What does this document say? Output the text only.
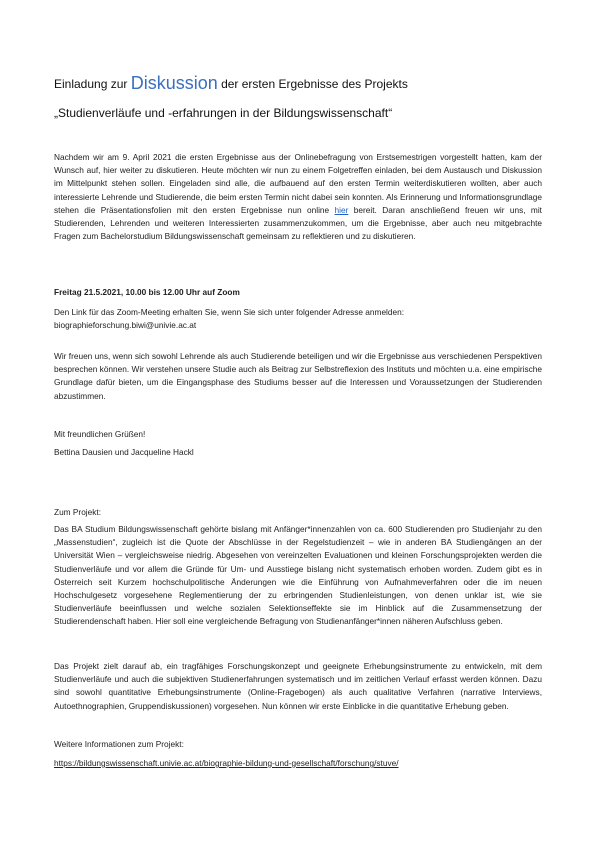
Einladung zur Diskussion der ersten Ergebnisse des Projekts
„Studienverläufe und -erfahrungen in der Bildungswissenschaft“

Nachdem wir am 9. April 2021 die ersten Ergebnisse aus der Onlinebefragung von Erstsemestrigen vorgestellt hatten, kam der Wunsch auf, hier weiter zu diskutieren. Heute möchten wir nun zu einem Folgetreffen einladen, bei dem Austausch und Diskussion im Mittelpunkt stehen sollen. Eingeladen sind alle, die aufbauend auf den ersten Termin weiterdiskutieren wollten, aber auch interessierte Lehrende und Studierende, die beim ersten Termin nicht dabei sein konnten. Als Erinnerung und Informationsgrundlage stehen die Präsentationsfolien mit den ersten Ergebnisse nun online hier bereit. Daran anschließend freuen wir uns, mit Studierenden, Lehrenden und weiteren Interessierten zusammenzukommen, um die Ergebnisse, aber auch neu mitgebrachte Fragen zum Bachelorstudium Bildungswissenschaft gemeinsam zu reflektieren und zu diskutieren.

Freitag 21.5.2021, 10.00 bis 12.00 Uhr auf Zoom
Den Link für das Zoom-Meeting erhalten Sie, wenn Sie sich unter folgender Adresse anmelden:
biographieforschung.biwi@univie.ac.at

Wir freuen uns, wenn sich sowohl Lehrende als auch Studierende beteiligen und wir die Ergebnisse aus verschiedenen Perspektiven besprechen können. Wir verstehen unsere Studie auch als Beitrag zur Selbstreflexion des Instituts und möchten u.a. eine empirische Grundlage dafür bieten, um die Eingangsphase des Studiums besser auf die Interessen und Voraussetzungen der Studierenden abzustimmen.

Mit freundlichen Grüßen!
Bettina Dausien und Jacqueline Hackl
Zum Projekt:

Das BA Studium Bildungswissenschaft gehörte bislang mit Anfänger*innenzahlen von ca. 600 Studierenden pro Studienjahr zu den „Massenstudien“, zugleich ist die Quote der Abschlüsse in der Regelstudienzeit – wie in anderen BA Studiengängen an der Universität Wien – vergleichsweise niedrig. Abgesehen von vereinzelten Evaluationen und kleinen Forschungsprojekten werden die Studienverläufe und vor allem die Gründe für Um- und Ausstiege bislang nicht systematisch erhoben worden. Zudem gibt es in Österreich seit Kurzem hochschulpolitische Änderungen wie die Einführung von Aufnahmeverfahren oder die im neuen Hochschulgesetz vorgesehene Reglementierung der zu erbringenden Studienleistungen, von denen unklar ist, wie sie Studienverläufe beeinflussen und welche sozialen Selektionseffekte sie im Hinblick auf die Zusammensetzung der Studierendenschaft haben. Hier soll eine vergleichende Befragung von Studienanfänger*innen näheren Aufschluss geben.

Das Projekt zielt darauf ab, ein tragfähiges Forschungskonzept und geeignete Erhebungsinstrumente zu entwickeln, mit dem Studienverläufe und auch die subjektiven Studienerfahrungen systematisch und im zeitlichen Verlauf erfasst werden können. Dazu sind sowohl quantitative Erhebungsinstrumente (Online-Fragebogen) als auch qualitative Verfahren (narrative Interviews, Autoethnographien, Gruppendiskussionen) vorgesehen. Nun können wir erste Einblicke in die quantitative Erhebung geben.

Weitere Informationen zum Projekt:
https://bildungswissenschaft.univie.ac.at/biographie-bildung-und-gesellschaft/forschung/stuve/
